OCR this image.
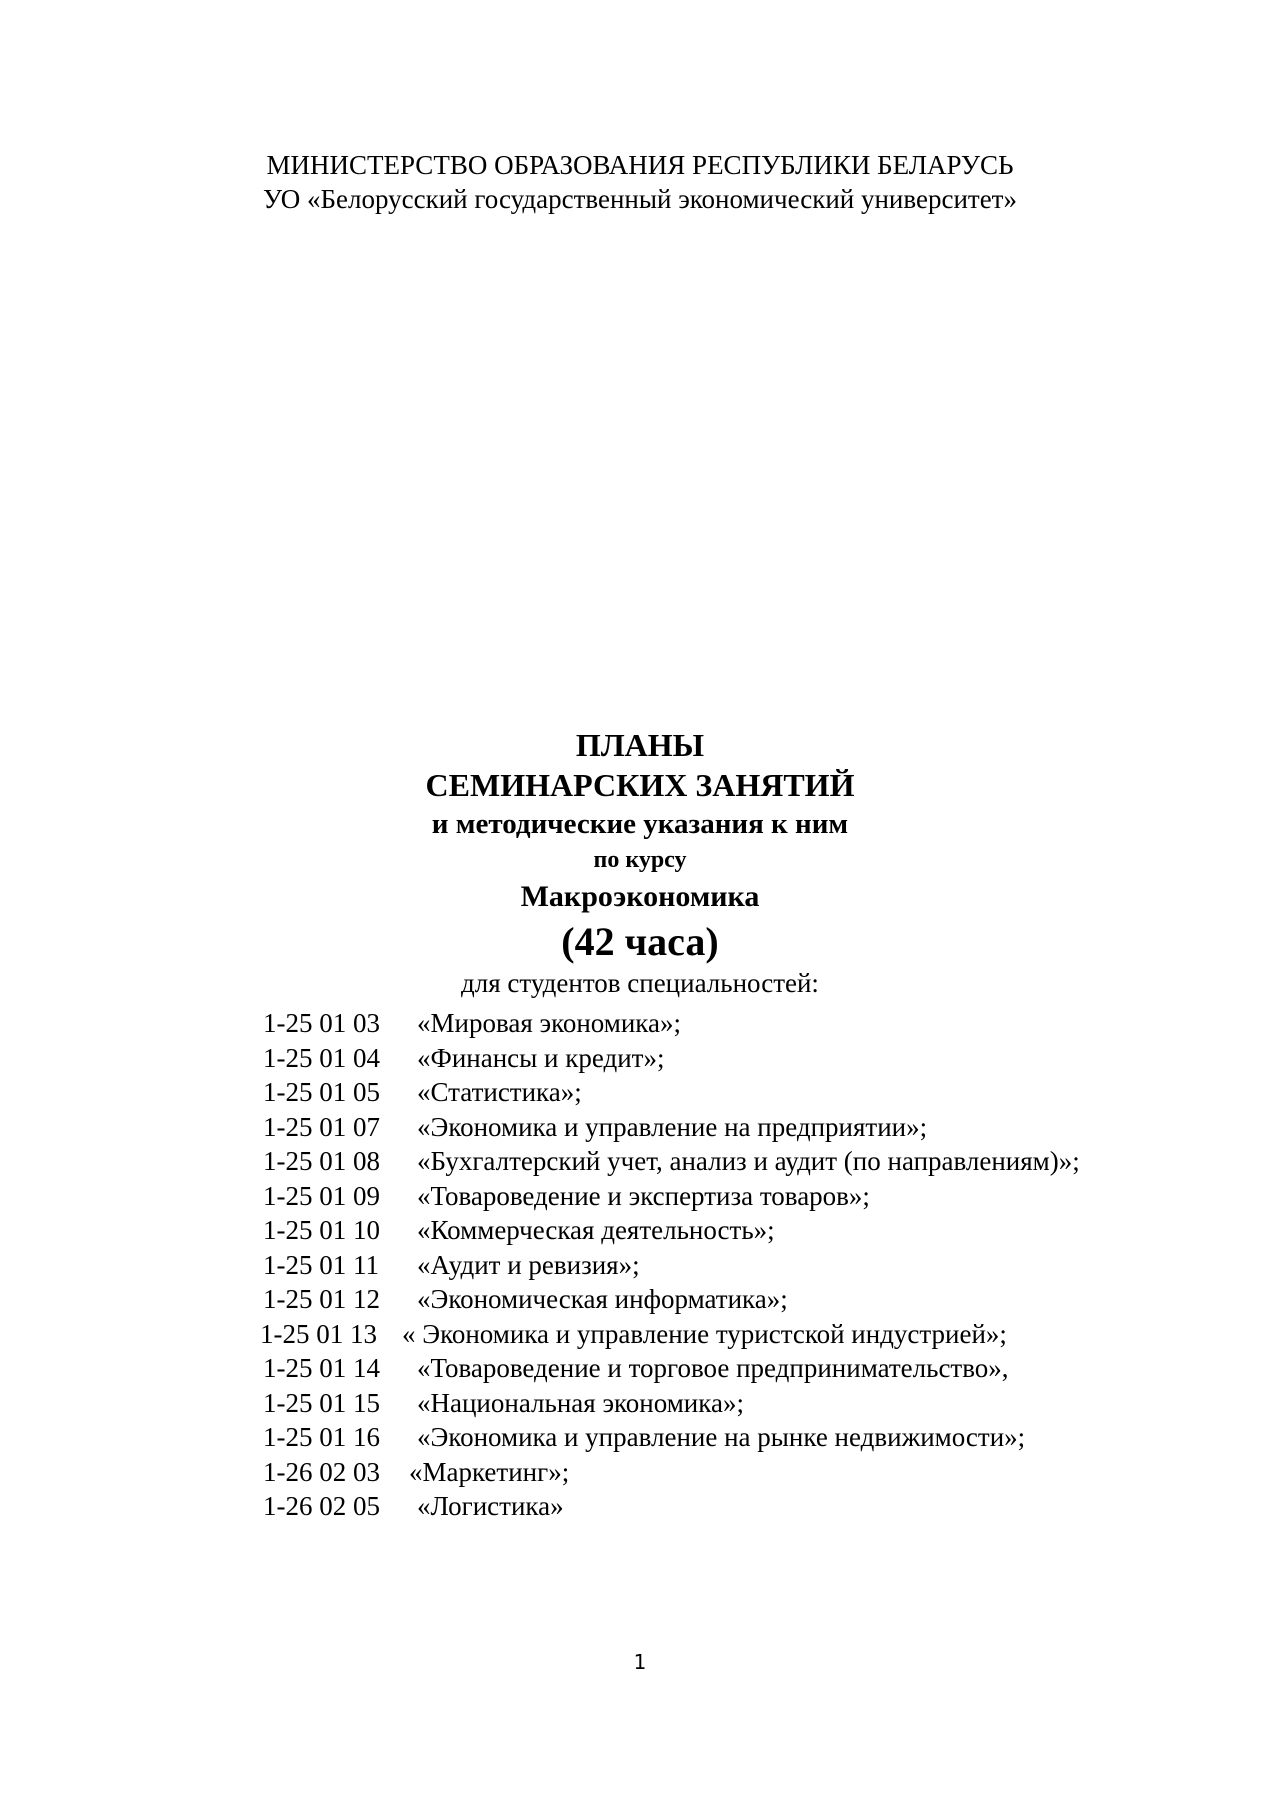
МИНИСТЕРСТВО ОБРАЗОВАНИЯ РЕСПУБЛИКИ БЕЛАРУСЬ
УО «Белорусский государственный экономический университет»
ПЛАНЫ
СЕМИНАРСКИХ ЗАНЯТИЙ
и методические указания к ним
по курсу
Макроэкономика
(42 часа)
для студентов специальностей:
1-25 01 03 «Мировая экономика»;
1-25 01 04 «Финансы и кредит»;
1-25 01 05 «Статистика»;
1-25 01 07 «Экономика и управление на предприятии»;
1-25 01 08 «Бухгалтерский учет, анализ и аудит (по направлениям)»;
1-25 01 09 «Товароведение и экспертиза товаров»;
1-25 01 10 «Коммерческая деятельность»;
1-25 01 11 «Аудит и ревизия»;
1-25 01 12 «Экономическая информатика»;
1-25 01 13 « Экономика и управление туристской индустрией»;
1-25 01 14 «Товароведение и торговое предпринимательство»,
1-25 01 15 «Национальная экономика»;
1-25 01 16 «Экономика и управление на рынке недвижимости»;
1-26 02 03 «Маркетинг»;
1-26 02 05 «Логистика»
1
